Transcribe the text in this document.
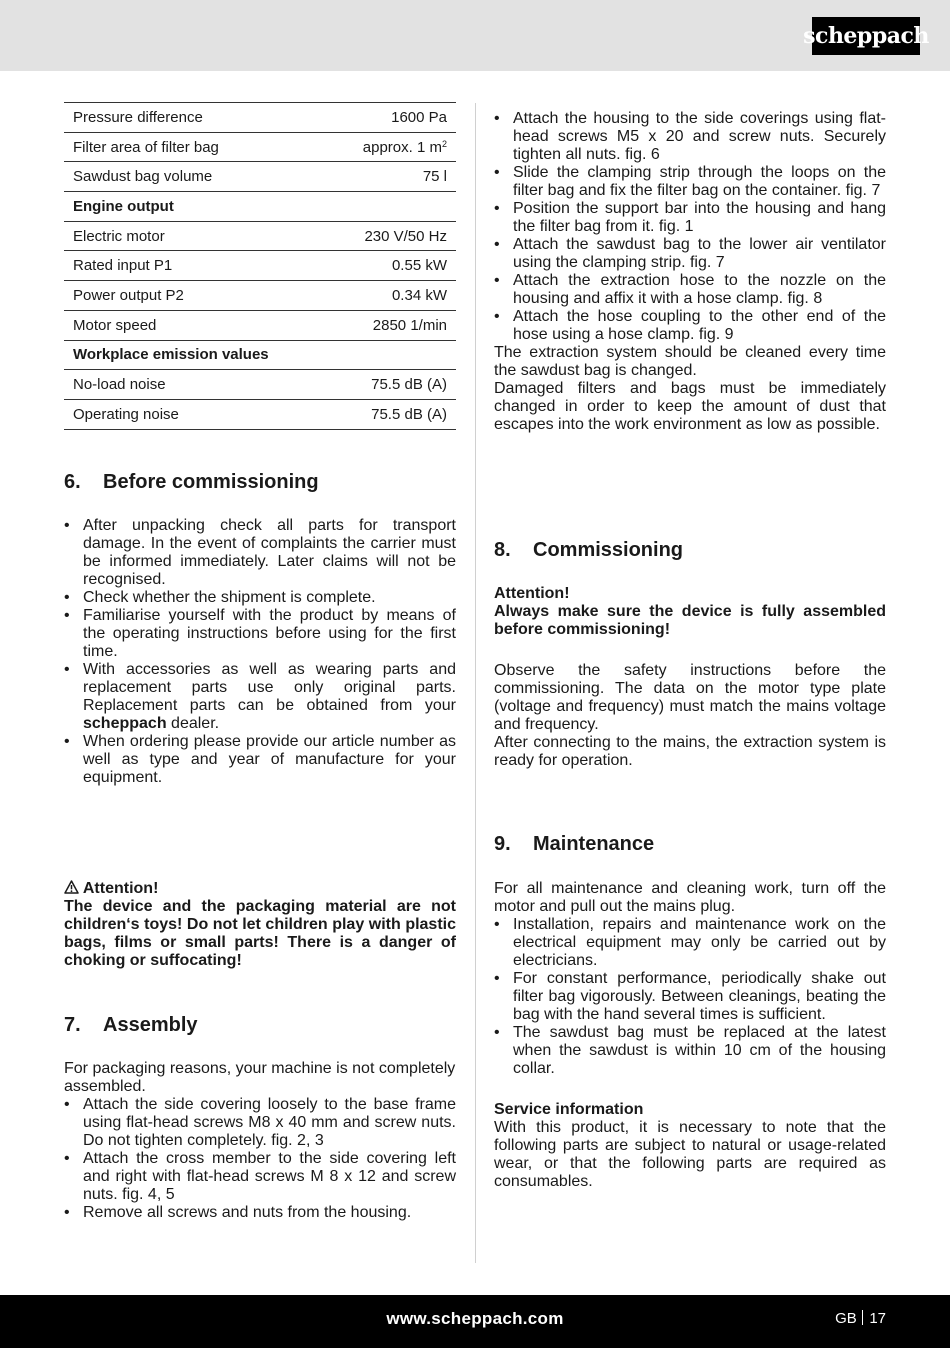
scheppach
Pressure difference	1600 Pa
Filter area of filter bag	approx. 1 $m^2$
Sawdust bag volume	75 l
Engine output	
Electric motor	230 V/50 Hz
Rated input P1	0.55 kW
Power output P2	0.34 kW
Motor speed	2850 1/min
Workplace emission values	
No-load noise	75.5 dB (A)
Operating noise	75.5 dB (A)
6. Before commissioning
• After unpacking check all parts for transport damage. In the event of complaints the carrier must be informed immediately. Later claims will not be recognised.
• Check whether the shipment is complete.
• Familiarise yourself with the product by means of the operating instructions before using for the first time.
• With accessories as well as wearing parts and replacement parts use only original parts. Replacement parts can be obtained from your scheppach dealer.
• When ordering please provide our article number as well as type and year of manufacture for your equipment.

Attention!

The device and the packaging material are not children‘s toys! Do not let children play with plastic bags, films or small parts! There is a danger of choking or suffocating!

7. Assembly

For packaging reasons, your machine is not completely assembled.

• Attach the side covering loosely to the base frame using flat-head screws M8 x 40 mm and screw nuts. Do not tighten completely. fig. 2, 3
• Attach the cross member to the side covering left and right with flat-head screws M 8 x 12 and screw nuts. fig. 4, 5
• Remove all screws and nuts from the housing.
• Attach the housing to the side coverings using flat-head screws M5 x 20 and screw nuts. Securely tighten all nuts. fig. 6
• Slide the clamping strip through the loops on the filter bag and fix the filter bag on the container. fig. 7
• Position the support bar into the housing and hang the filter bag from it. fig. 1
• Attach the sawdust bag to the lower air ventilator using the clamping strip. fig. 7
• Attach the extraction hose to the nozzle on the housing and affix it with a hose clamp. fig. 8
• Attach the hose coupling to the other end of the hose using a hose clamp. fig. 9

The extraction system should be cleaned every time the sawdust bag is changed.

Damaged filters and bags must be immediately changed in order to keep the amount of dust that escapes into the work environment as low as possible.

8. Commissioning

Attention!

Always make sure the device is fully assembled before commissioning!

Observe the safety instructions before the commissioning. The data on the motor type plate (voltage and frequency) must match the mains voltage and frequency.

After connecting to the mains, the extraction system is ready for operation.

9. Maintenance

For all maintenance and cleaning work, turn off the motor and pull out the mains plug.

• Installation, repairs and maintenance work on the electrical equipment may only be carried out by electricians.
• For constant performance, periodically shake out filter bag vigorously. Between cleanings, beating the bag with the hand several times is sufficient.
• The sawdust bag must be replaced at the latest when the sawdust is within 10 cm of the housing collar.

Service information

With this product, it is necessary to note that the following parts are subject to natural or usage-related wear, or that the following parts are required as consumables.

www.scheppach.com	GB 17
